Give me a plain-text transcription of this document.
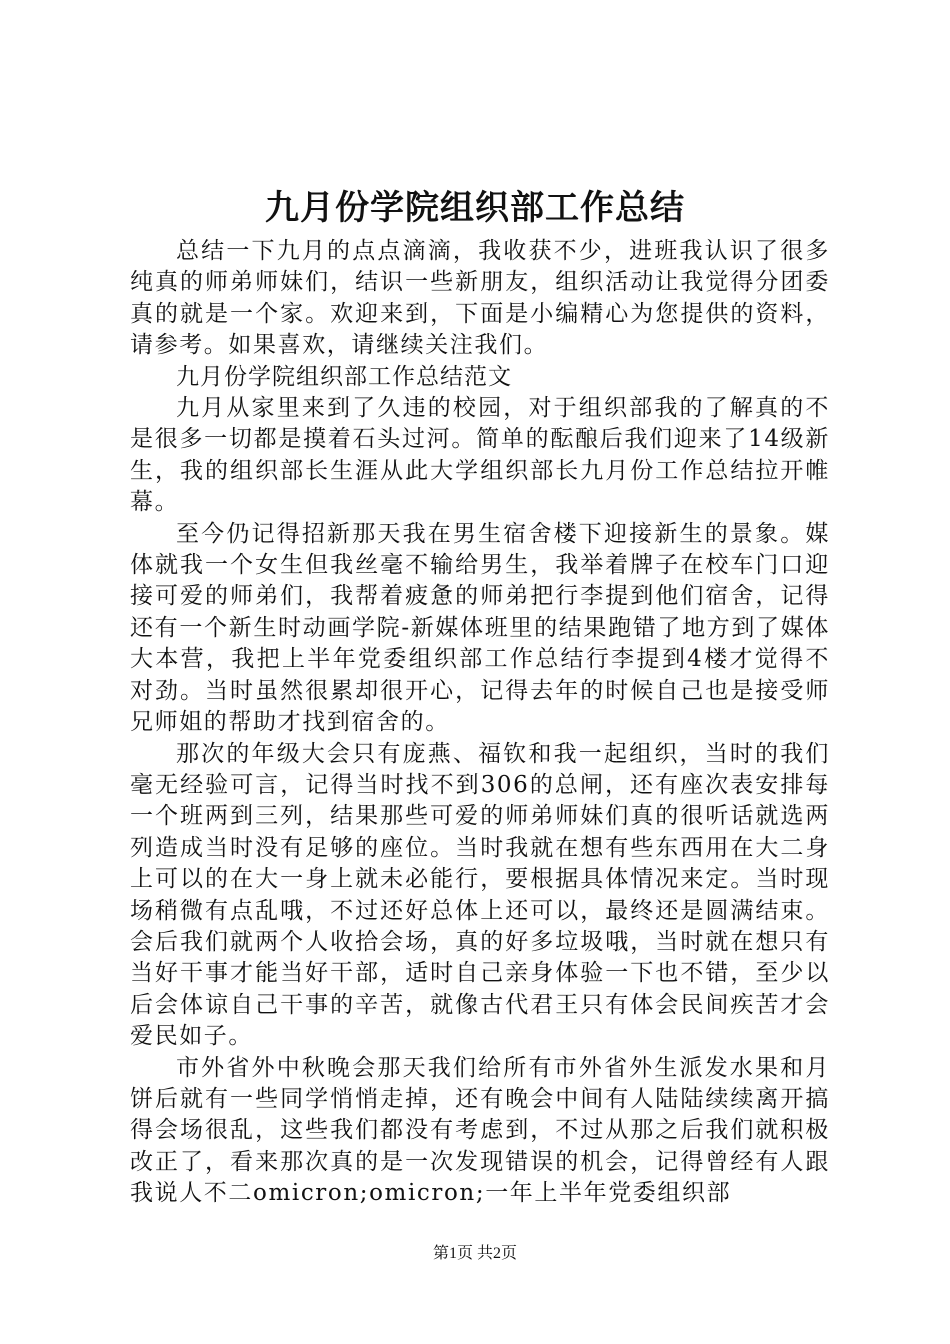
九月份学院组织部工作总结

总结一下九月的点点滴滴，我收获不少，进班我认识了很多纯真的师弟师妹们，结识一些新朋友，组织活动让我觉得分团委真的就是一个家。欢迎来到，下面是小编精心为您提供的资料，请参考。如果喜欢，请继续关注我们。

九月份学院组织部工作总结范文

九月从家里来到了久违的校园，对于组织部我的了解真的不是很多一切都是摸着石头过河。简单的酝酿后我们迎来了14级新生，我的组织部长生涯从此大学组织部长九月份工作总结拉开帷幕。

至今仍记得招新那天我在男生宿舍楼下迎接新生的景象。媒体就我一个女生但我丝毫不输给男生，我举着牌子在校车门口迎接可爱的师弟们，我帮着疲惫的师弟把行李提到他们宿舍，记得还有一个新生时动画学院-新媒体班里的结果跑错了地方到了媒体大本营，我把上半年党委组织部工作总结行李提到4楼才觉得不对劲。当时虽然很累却很开心，记得去年的时候自己也是接受师兄师姐的帮助才找到宿舍的。

那次的年级大会只有庞燕、福钦和我一起组织，当时的我们毫无经验可言，记得当时找不到306的总闸，还有座次表安排每一个班两到三列，结果那些可爱的师弟师妹们真的很听话就选两列造成当时没有足够的座位。当时我就在想有些东西用在大二身上可以的在大一身上就未必能行，要根据具体情况来定。当时现场稍微有点乱哦，不过还好总体上还可以，最终还是圆满结束。会后我们就两个人收拾会场，真的好多垃圾哦，当时就在想只有当好干事才能当好干部，适时自己亲身体验一下也不错，至少以后会体谅自己干事的辛苦，就像古代君王只有体会民间疾苦才会爱民如子。

市外省外中秋晚会那天我们给所有市外省外生派发水果和月饼后就有一些同学悄悄走掉，还有晚会中间有人陆陆续续离开搞得会场很乱，这些我们都没有考虑到，不过从那之后我们就积极改正了，看来那次真的是一次发现错误的机会，记得曾经有人跟我说人不二omicron;omicron;一年上半年党委组织部

第1页 共2页
